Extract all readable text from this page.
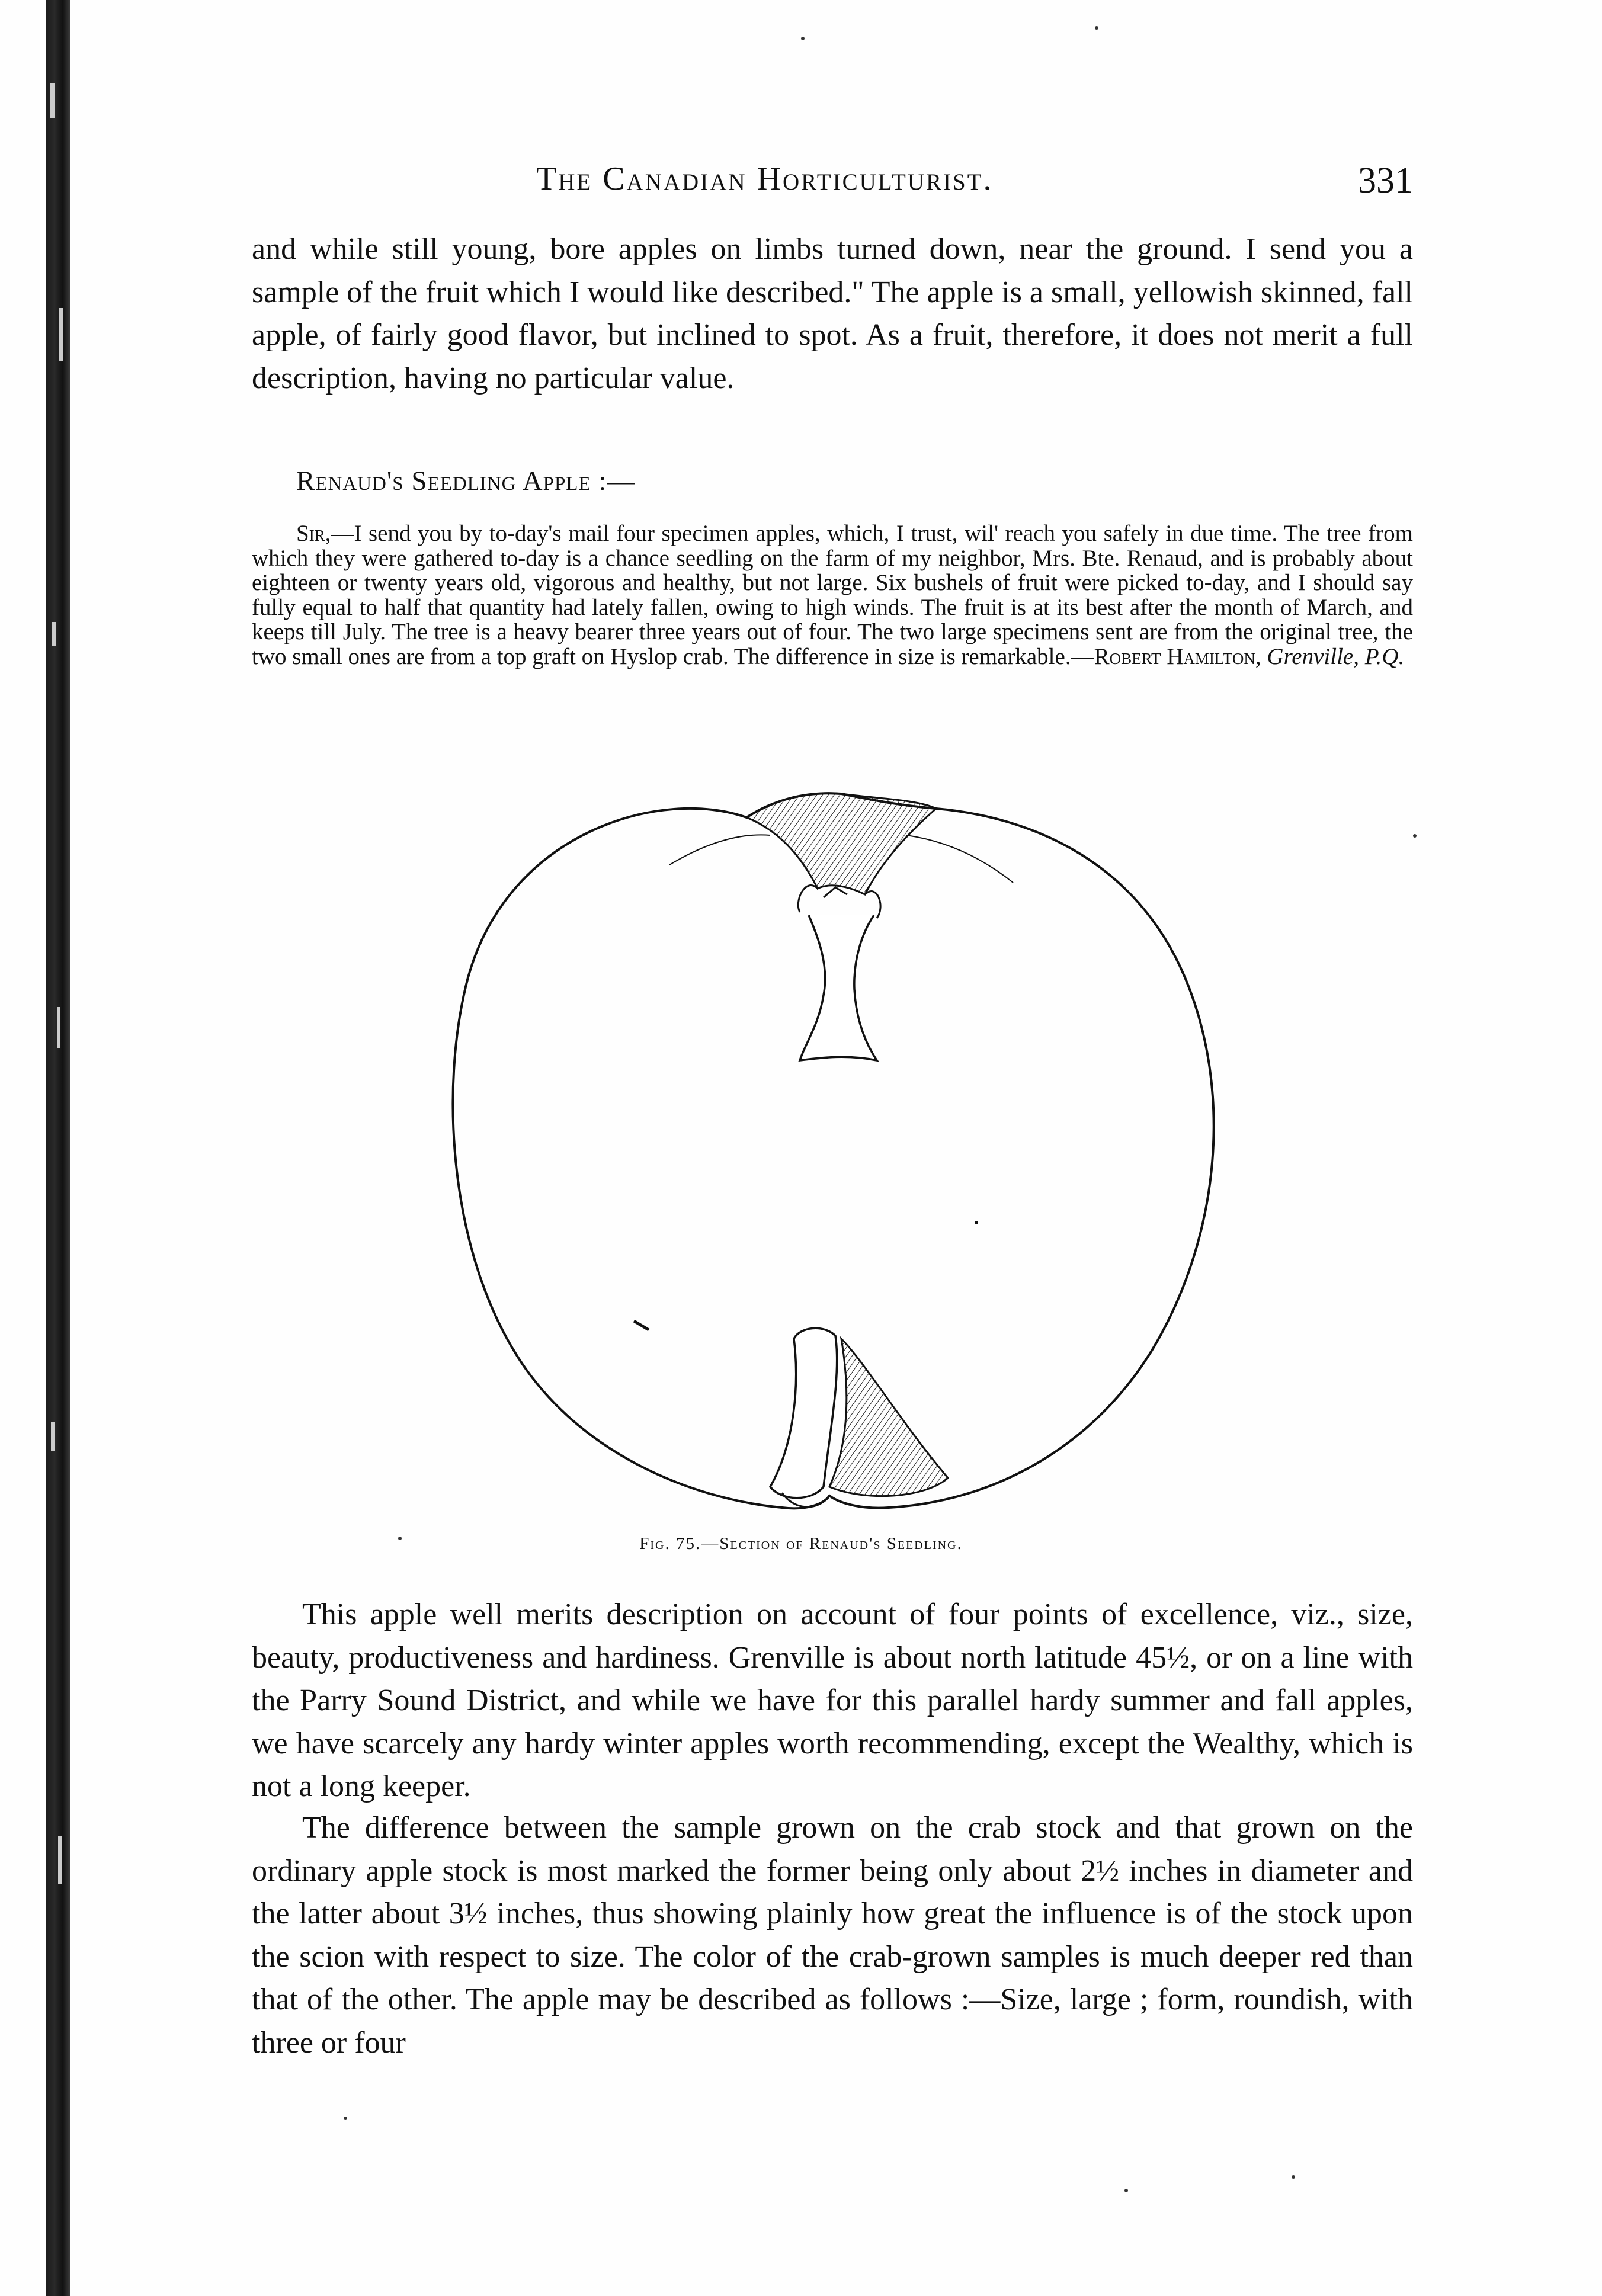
The Canadian Horticulturist.	331

and while still young, bore apples on limbs turned down, near the ground. I send you a sample of the fruit which I would like described." The apple is a small, yellowish skinned, fall apple, of fairly good flavor, but inclined to spot. As a fruit, therefore, it does not merit a full description, having no particular value.

Renaud's Seedling Apple :—

Sir,—I send you by to-day's mail four specimen apples, which, I trust, wil' reach you safely in due time. The tree from which they were gathered to-day is a chance seedling on the farm of my neighbor, Mrs. Bte. Renaud, and is probably about eighteen or twenty years old, vigorous and healthy, but not large. Six bushels of fruit were picked to-day, and I should say fully equal to half that quantity had lately fallen, owing to high winds. The fruit is at its best after the month of March, and keeps till July. The tree is a heavy bearer three years out of four. The two large specimens sent are from the original tree, the two small ones are from a top graft on Hyslop crab. The difference in size is remarkable.—Robert Hamilton, Grenville, P.Q.

Fig. 75.—Section of Renaud's Seedling.

This apple well merits description on account of four points of excellence, viz., size, beauty, productiveness and hardiness. Grenville is about north latitude 45½, or on a line with the Parry Sound District, and while we have for this parallel hardy summer and fall apples, we have scarcely any hardy winter apples worth recommending, except the Wealthy, which is not a long keeper.

The difference between the sample grown on the crab stock and that grown on the ordinary apple stock is most marked the former being only about 2½ inches in diameter and the latter about 3½ inches, thus showing plainly how great the influence is of the stock upon the scion with respect to size. The color of the crab-grown samples is much deeper red than that of the other. The apple may be described as follows :—Size, large ; form, roundish, with three or four
